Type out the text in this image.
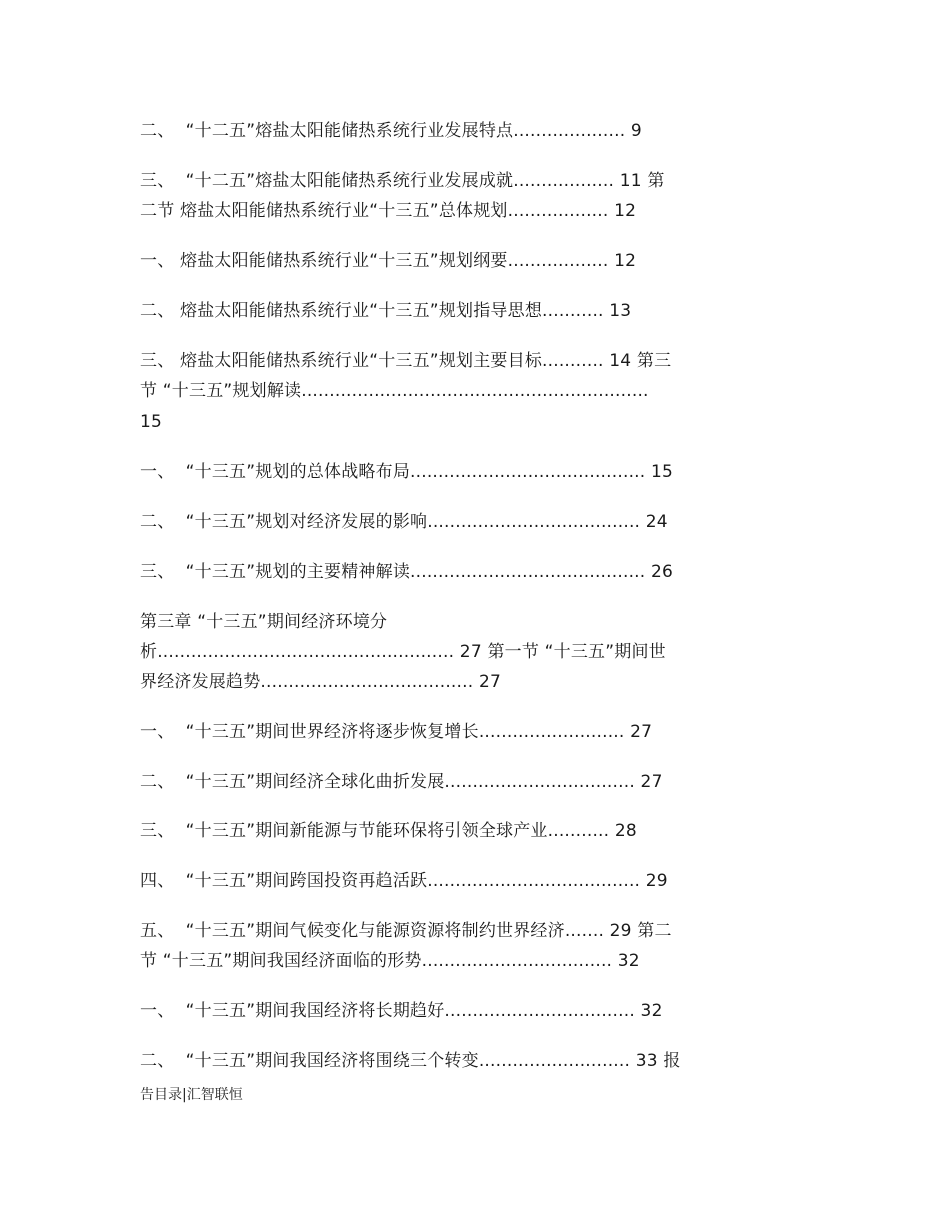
二、  “十二五”熔盐太阳能储热系统行业发展特点.................... 9
三、  “十二五”熔盐太阳能储热系统行业发展成就.................. 11 第
二节 熔盐太阳能储热系统行业“十三五”总体规划.................. 12
一、 熔盐太阳能储热系统行业“十三五”规划纲要.................. 12
二、 熔盐太阳能储热系统行业“十三五”规划指导思想........... 13
三、 熔盐太阳能储热系统行业“十三五”规划主要目标........... 14 第三
节 “十三五”规划解读..............................................................
15
一、  “十三五”规划的总体战略布局.......................................... 15
二、  “十三五”规划对经济发展的影响...................................... 24
三、  “十三五”规划的主要精神解读.......................................... 26
第三章 “十三五”期间经济环境分
析..................................................... 27 第一节 “十三五”期间世
界经济发展趋势...................................... 27
一、  “十三五”期间世界经济将逐步恢复增长.......................... 27
二、  “十三五”期间经济全球化曲折发展.................................. 27
三、  “十三五”期间新能源与节能环保将引领全球产业........... 28
四、  “十三五”期间跨国投资再趋活跃...................................... 29
五、  “十三五”期间气候变化与能源资源将制约世界经济....... 29 第二
节 “十三五”期间我国经济面临的形势.................................. 32
一、  “十三五”期间我国经济将长期趋好.................................. 32
二、  “十三五”期间我国经济将围绕三个转变........................... 33 报
告目录|汇智联恒
